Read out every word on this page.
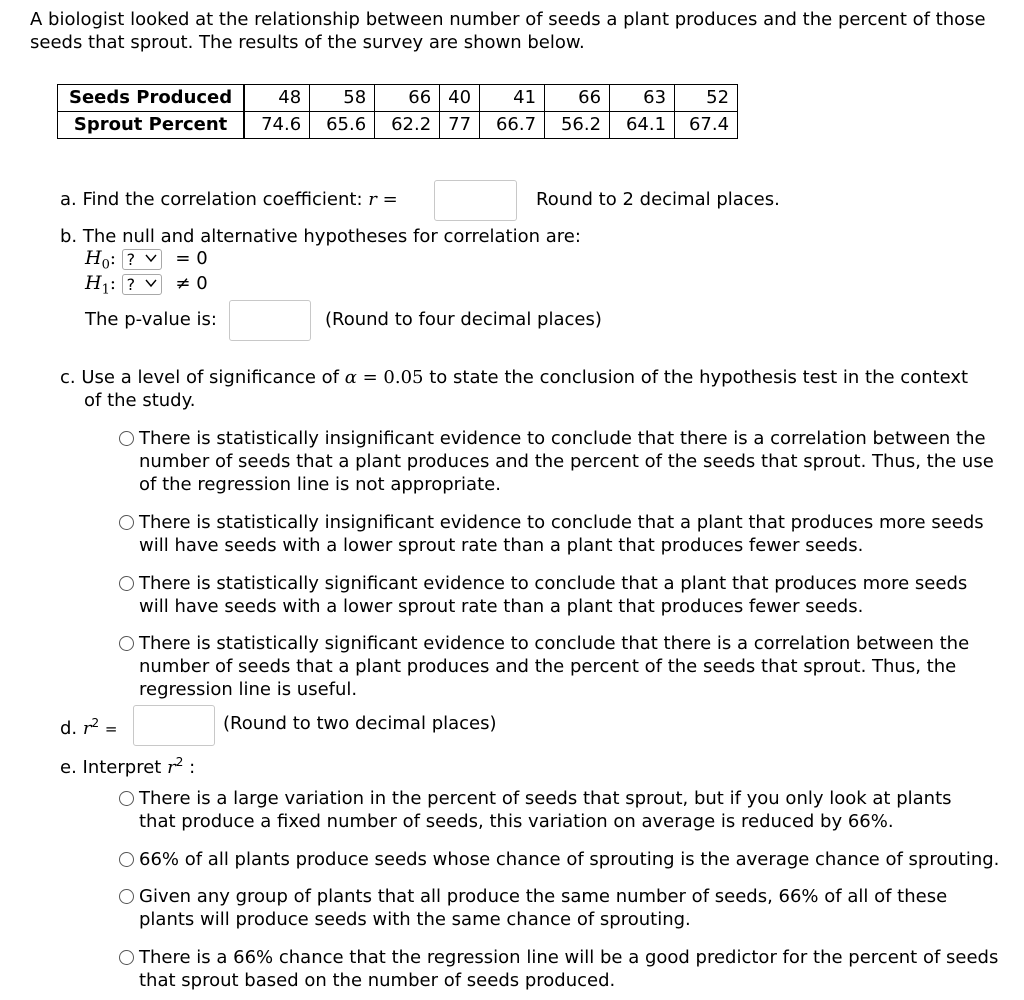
A biologist looked at the relationship between number of seeds a plant produces and the percent of those seeds that sprout. The results of the survey are shown below.
Seeds Produced	48	58	66	40	41	66	63	52
Sprout Percent	74.6	65.6	62.2	77	66.7	56.2	64.1	67.4
a. Find the correlation coefficient: r =	Round to 2 decimal places.
b. The null and alternative hypotheses for correlation are:
$H_0$: ? = 0
$H_1$: ? ≠ 0
The p-value is:	(Round to four decimal places)
c. Use a level of significance of α = 0.05 to state the conclusion of the hypothesis test in the context
of the study.
There is statistically insignificant evidence to conclude that there is a correlation between the
number of seeds that a plant produces and the percent of the seeds that sprout. Thus, the use
of the regression line is not appropriate.
There is statistically insignificant evidence to conclude that a plant that produces more seeds
will have seeds with a lower sprout rate than a plant that produces fewer seeds.
There is statistically significant evidence to conclude that a plant that produces more seeds
will have seeds with a lower sprout rate than a plant that produces fewer seeds.
There is statistically significant evidence to conclude that there is a correlation between the
number of seeds that a plant produces and the percent of the seeds that sprout. Thus, the
regression line is useful.
d. $r^2$ =	(Round to two decimal places)
e. Interpret $r^2$ :
There is a large variation in the percent of seeds that sprout, but if you only look at plants
that produce a fixed number of seeds, this variation on average is reduced by 66%.
66% of all plants produce seeds whose chance of sprouting is the average chance of sprouting.
Given any group of plants that all produce the same number of seeds, 66% of all of these
plants will produce seeds with the same chance of sprouting.
There is a 66% chance that the regression line will be a good predictor for the percent of seeds
that sprout based on the number of seeds produced.
